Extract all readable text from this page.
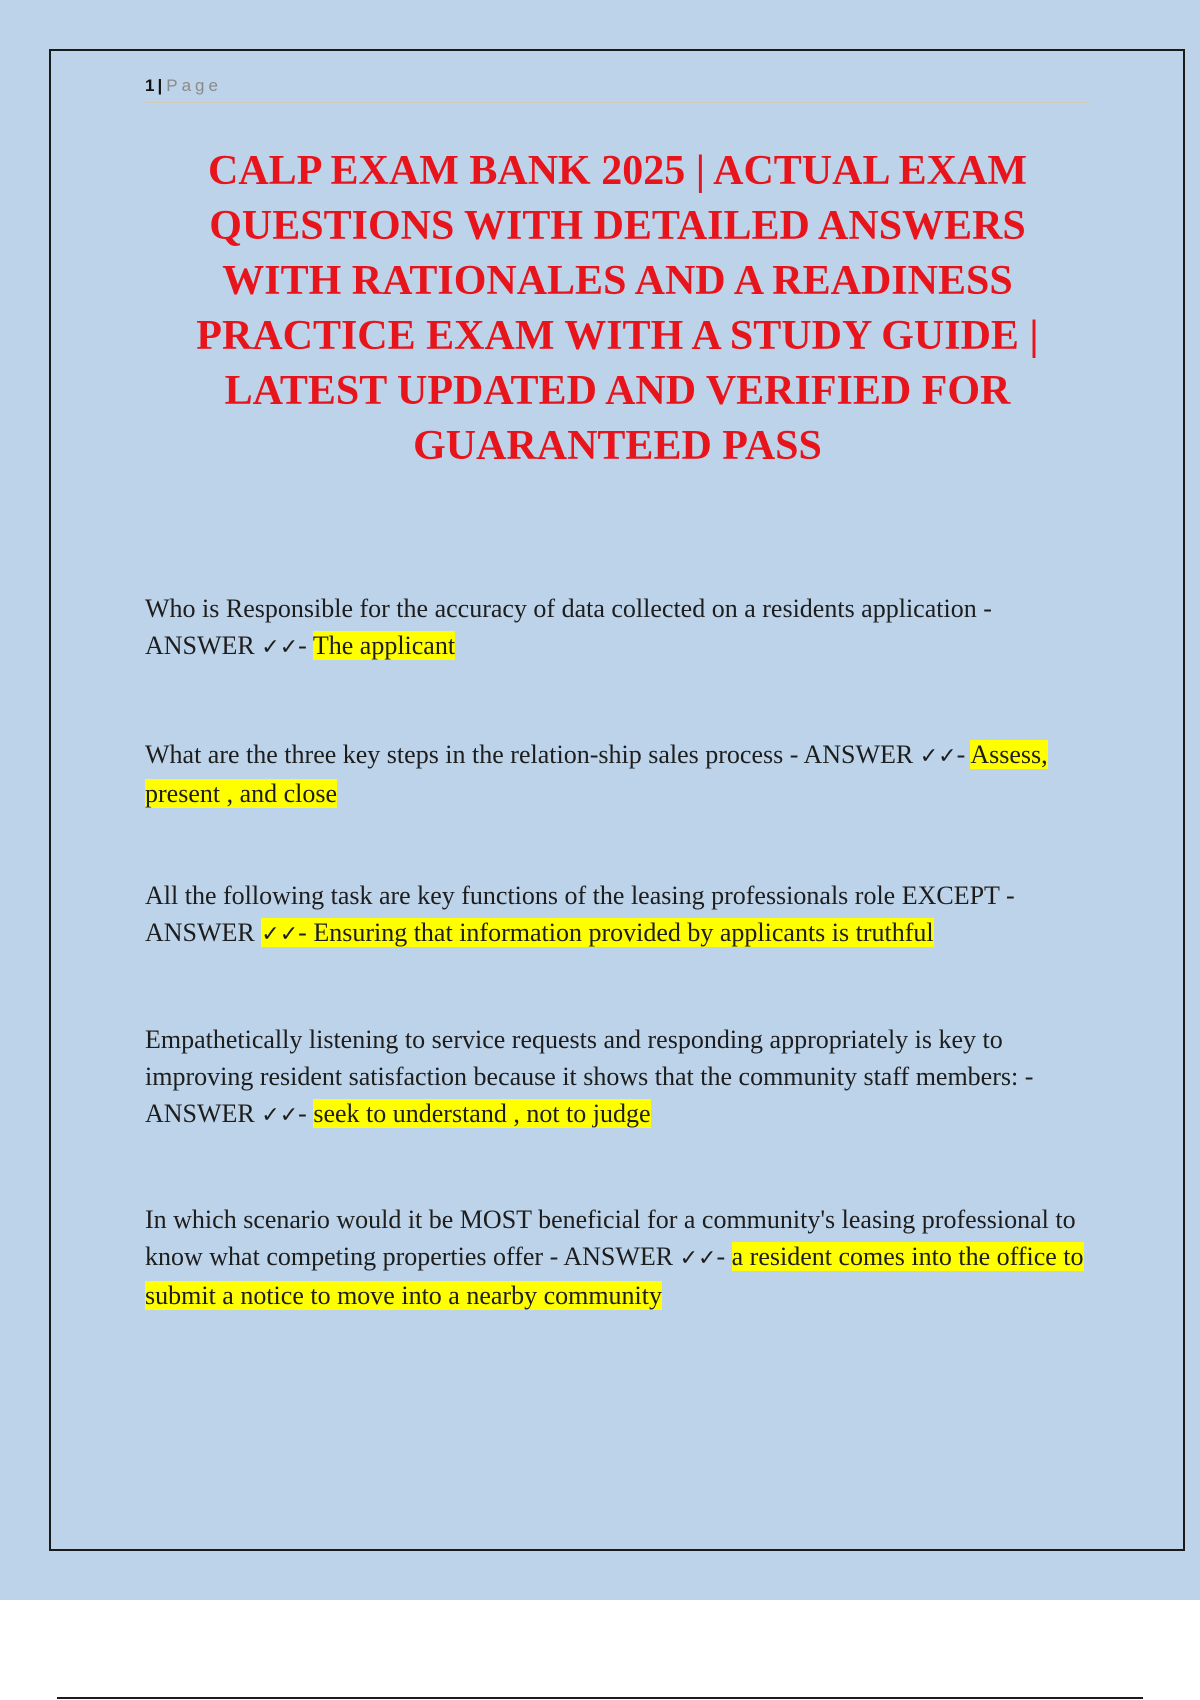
1 | Page
CALP EXAM BANK 2025 | ACTUAL EXAM QUESTIONS WITH DETAILED ANSWERS WITH RATIONALES AND A READINESS PRACTICE EXAM WITH A STUDY GUIDE | LATEST UPDATED AND VERIFIED FOR GUARANTEED PASS

Who is Responsible for the accuracy of data collected on a residents application - ANSWER ✓✓- The applicant

What are the three key steps in the relation-ship sales process - ANSWER ✓✓- Assess, present , and close

All the following task are key functions of the leasing professionals role EXCEPT - ANSWER ✓✓- Ensuring that information provided by applicants is truthful

Empathetically listening to service requests and responding appropriately is key to improving resident satisfaction because it shows that the community staff members: - ANSWER ✓✓- seek to understand , not to judge

In which scenario would it be MOST beneficial for a community's leasing professional to know what competing properties offer - ANSWER ✓✓- a resident comes into the office to submit a notice to move into a nearby community
